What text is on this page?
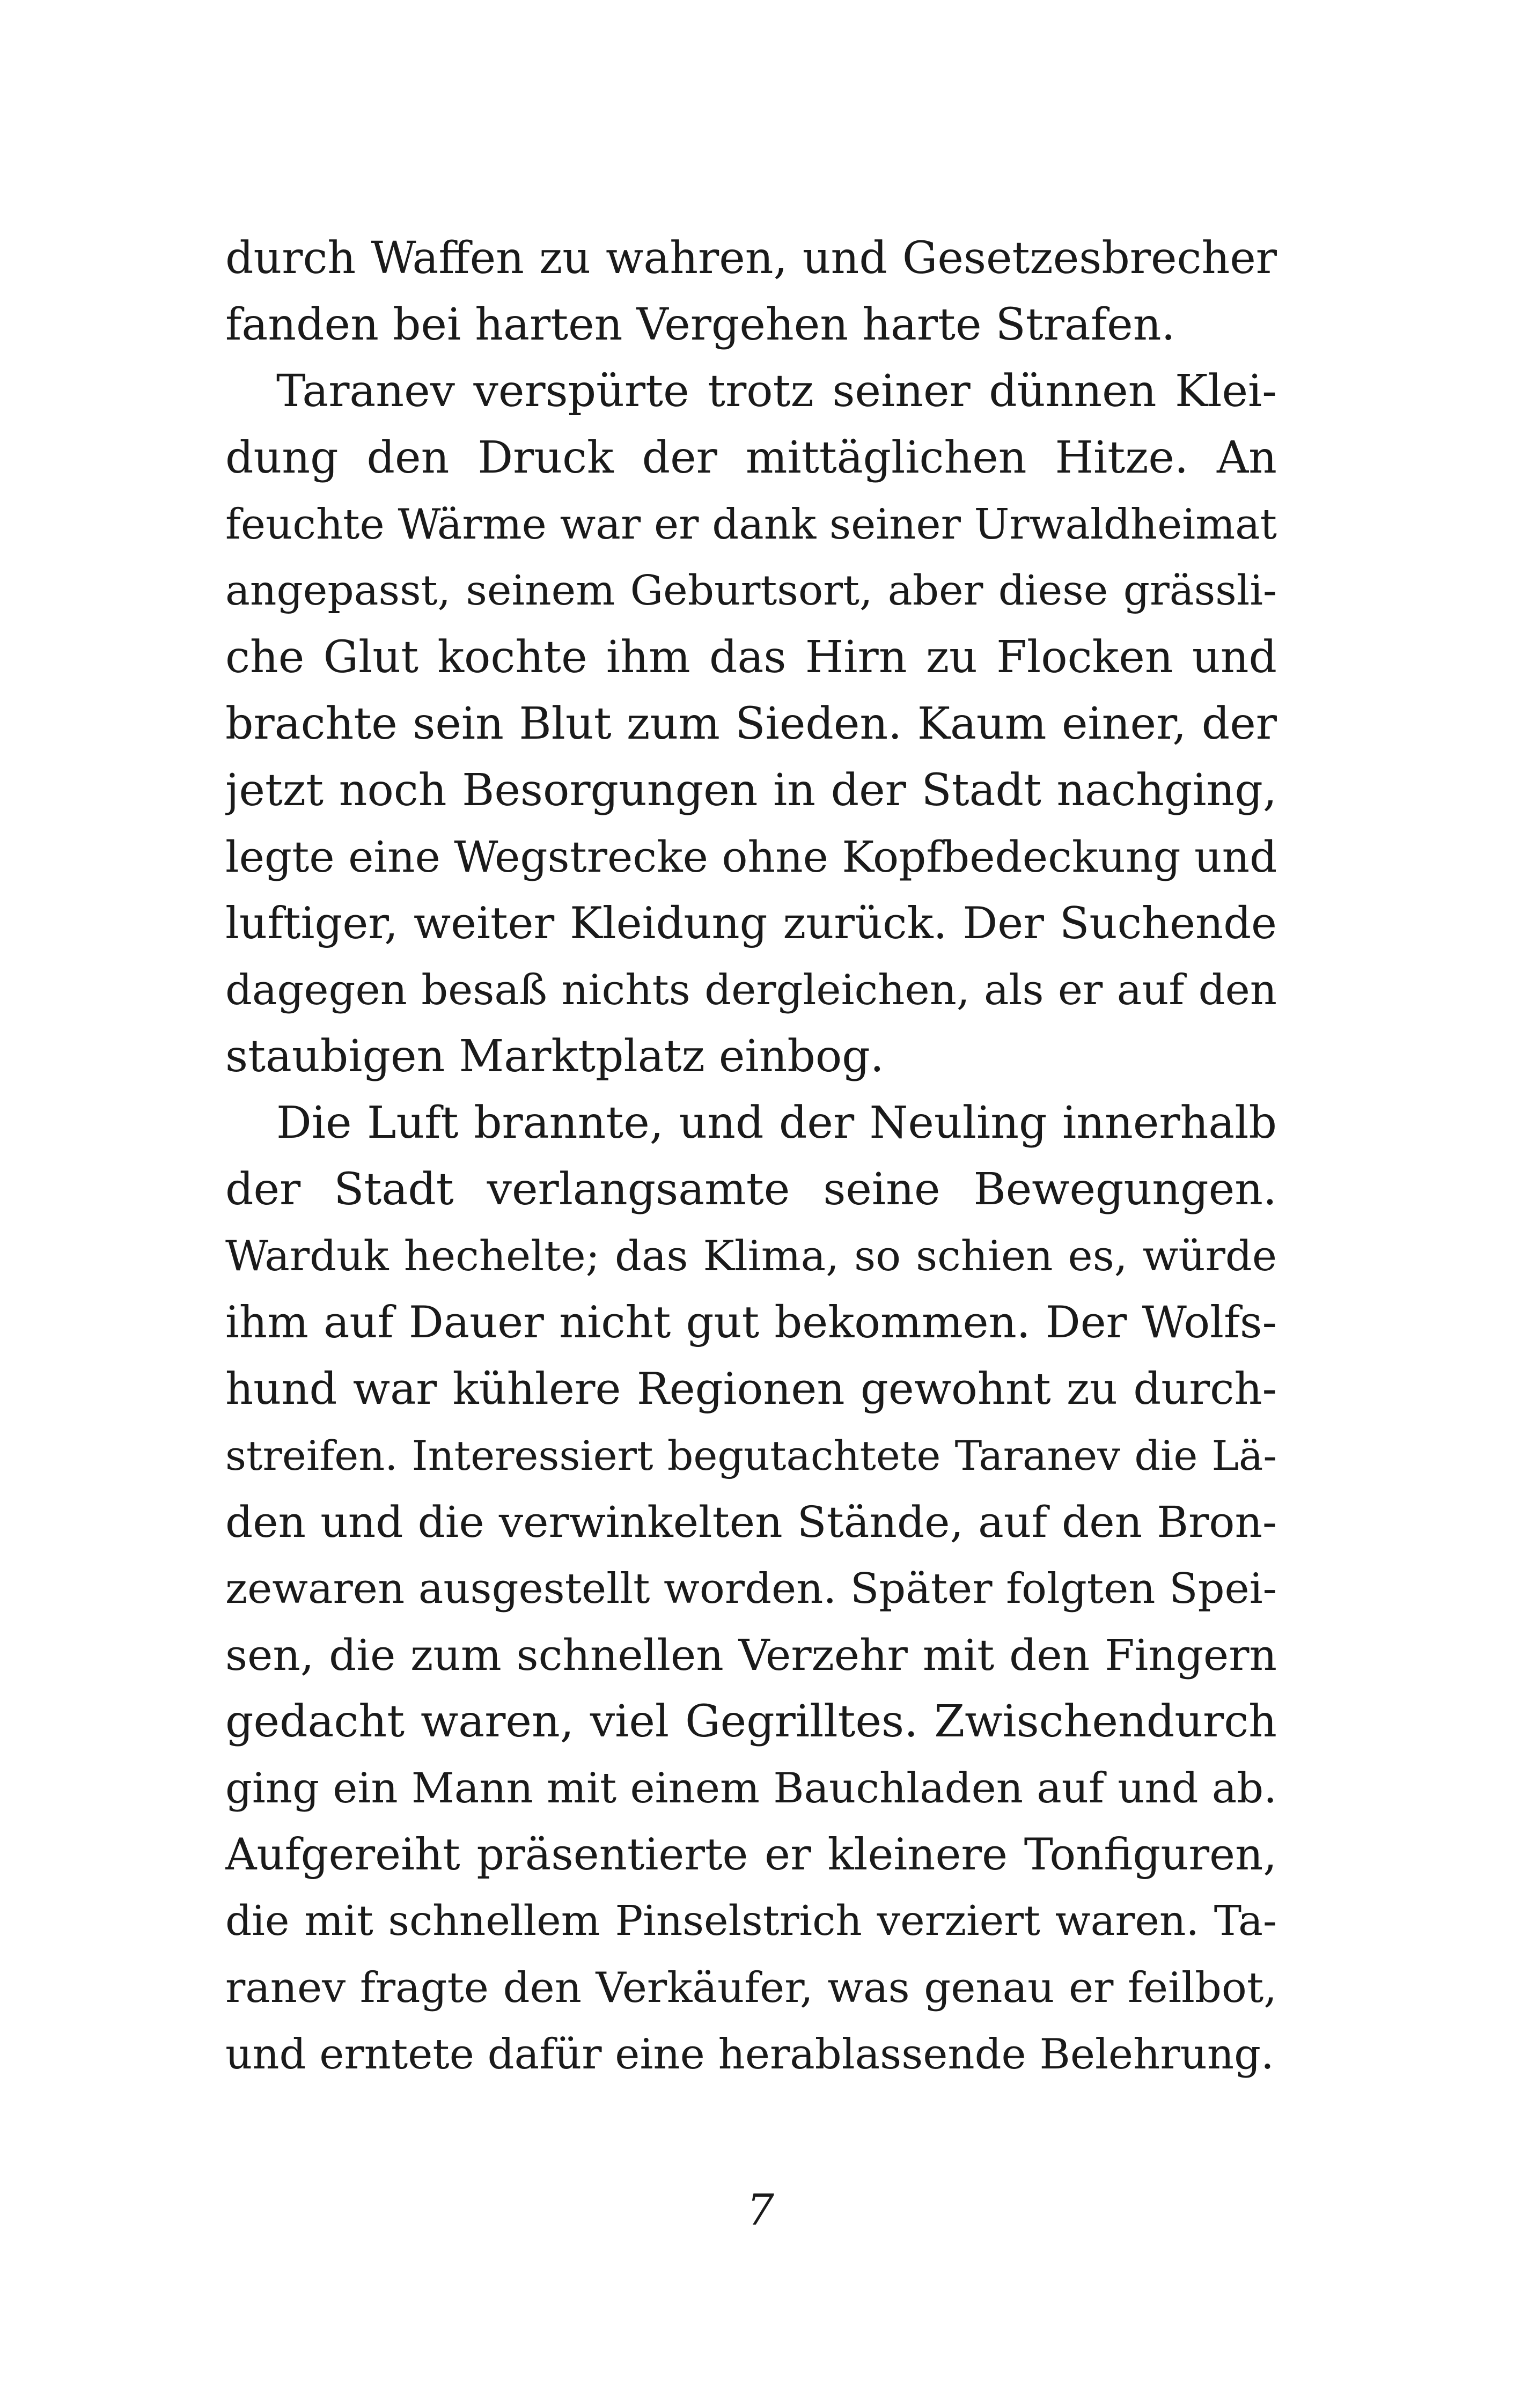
durch Waffen zu wahren, und Gesetzesbrecher
fanden bei harten Vergehen harte Strafen.
Taranev verspürte trotz seiner dünnen Klei-
dung den Druck der mittäglichen Hitze. An
feuchte Wärme war er dank seiner Urwaldheimat
angepasst, seinem Geburtsort, aber diese grässli-
che Glut kochte ihm das Hirn zu Flocken und
brachte sein Blut zum Sieden. Kaum einer, der
jetzt noch Besorgungen in der Stadt nachging,
legte eine Wegstrecke ohne Kopfbedeckung und
luftiger, weiter Kleidung zurück. Der Suchende
dagegen besaß nichts dergleichen, als er auf den
staubigen Marktplatz einbog.
Die Luft brannte, und der Neuling innerhalb
der Stadt verlangsamte seine Bewegungen.
Warduk hechelte; das Klima, so schien es, würde
ihm auf Dauer nicht gut bekommen. Der Wolfs-
hund war kühlere Regionen gewohnt zu durch-
streifen. Interessiert begutachtete Taranev die Lä-
den und die verwinkelten Stände, auf den Bron-
zewaren ausgestellt worden. Später folgten Spei-
sen, die zum schnellen Verzehr mit den Fingern
gedacht waren, viel Gegrilltes. Zwischendurch
ging ein Mann mit einem Bauchladen auf und ab.
Aufgereiht präsentierte er kleinere Tonfiguren,
die mit schnellem Pinselstrich verziert waren. Ta-
ranev fragte den Verkäufer, was genau er feilbot,
und erntete dafür eine herablassende Belehrung.
7
